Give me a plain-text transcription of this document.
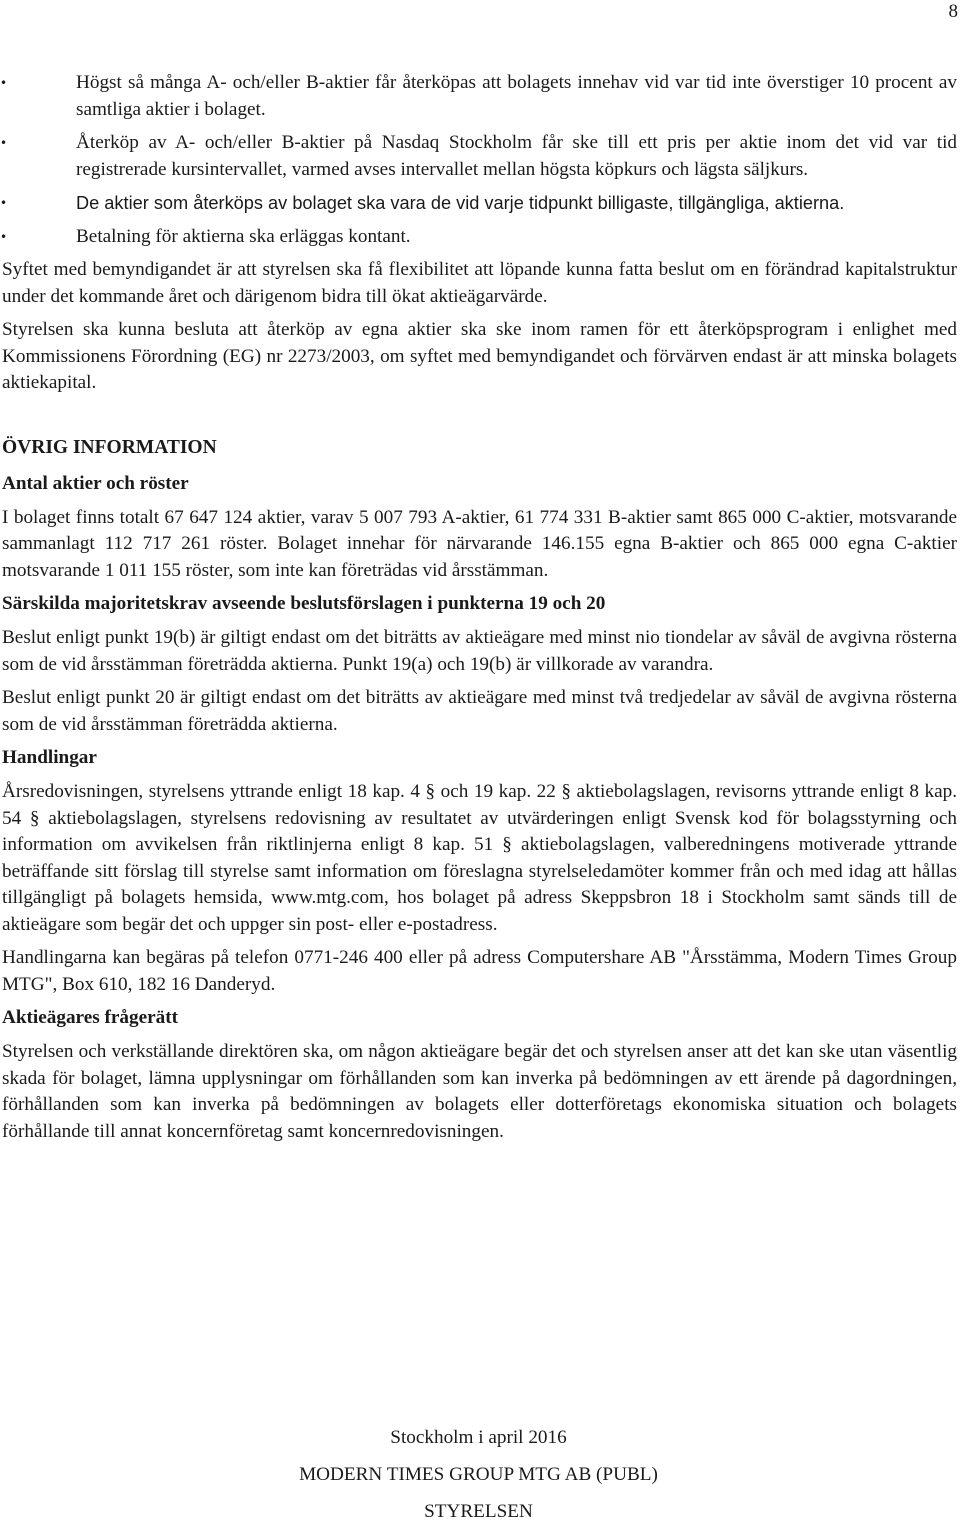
8
•	Högst så många A- och/eller B-aktier får återköpas att bolagets innehav vid var tid inte överstiger 10 procent av samtliga aktier i bolaget.
•	Återköp av A- och/eller B-aktier på Nasdaq Stockholm får ske till ett pris per aktie inom det vid var tid registrerade kursintervallet, varmed avses intervallet mellan högsta köpkurs och lägsta säljkurs.
•	De aktier som återköps av bolaget ska vara de vid varje tidpunkt billigaste, tillgängliga, aktierna.
•	Betalning för aktierna ska erläggas kontant.

Syftet med bemyndigandet är att styrelsen ska få flexibilitet att löpande kunna fatta beslut om en förändrad kapitalstruktur under det kommande året och därigenom bidra till ökat aktieägarvärde.

Styrelsen ska kunna besluta att återköp av egna aktier ska ske inom ramen för ett återköpsprogram i enlighet med Kommissionens Förordning (EG) nr 2273/2003, om syftet med bemyndigandet och förvärven endast är att minska bolagets aktiekapital.

ÖVRIG INFORMATION
Antal aktier och röster

I bolaget finns totalt 67 647 124 aktier, varav 5 007 793 A-aktier, 61 774 331 B-aktier samt 865 000 C-aktier, motsvarande sammanlagt 112 717 261 röster. Bolaget innehar för närvarande 146.155 egna B-aktier och 865 000 egna C-aktier motsvarande 1 011 155 röster, som inte kan företrädas vid årsstämman.

Särskilda majoritetskrav avseende beslutsförslagen i punkterna 19 och 20

Beslut enligt punkt 19(b) är giltigt endast om det biträtts av aktieägare med minst nio tiondelar av såväl de avgivna rösterna som de vid årsstämman företrädda aktierna. Punkt 19(a) och 19(b) är villkorade av varandra.

Beslut enligt punkt 20 är giltigt endast om det biträtts av aktieägare med minst två tredjedelar av såväl de avgivna rösterna som de vid årsstämman företrädda aktierna.

Handlingar

Årsredovisningen, styrelsens yttrande enligt 18 kap. 4 § och 19 kap. 22 § aktiebolagslagen, revisorns yttrande enligt 8 kap. 54 § aktiebolagslagen, styrelsens redovisning av resultatet av utvärderingen enligt Svensk kod för bolagsstyrning och information om avvikelsen från riktlinjerna enligt 8 kap. 51 § aktiebolagslagen, valberedningens motiverade yttrande beträffande sitt förslag till styrelse samt information om föreslagna styrelseledamöter kommer från och med idag att hållas tillgängligt på bolagets hemsida, www.mtg.com, hos bolaget på adress Skeppsbron 18 i Stockholm samt sänds till de aktieägare som begär det och uppger sin post- eller e-postadress.

Handlingarna kan begäras på telefon 0771-246 400 eller på adress Computershare AB "Årsstämma, Modern Times Group MTG", Box 610, 182 16 Danderyd.

Aktieägares frågerätt

Styrelsen och verkställande direktören ska, om någon aktieägare begär det och styrelsen anser att det kan ske utan väsentlig skada för bolaget, lämna upplysningar om förhållanden som kan inverka på bedömningen av ett ärende på dagordningen, förhållanden som kan inverka på bedömningen av bolagets eller dotterföretags ekonomiska situation och bolagets förhållande till annat koncernföretag samt koncernredovisningen.

Stockholm i april 2016
MODERN TIMES GROUP MTG AB (PUBL)
STYRELSEN
